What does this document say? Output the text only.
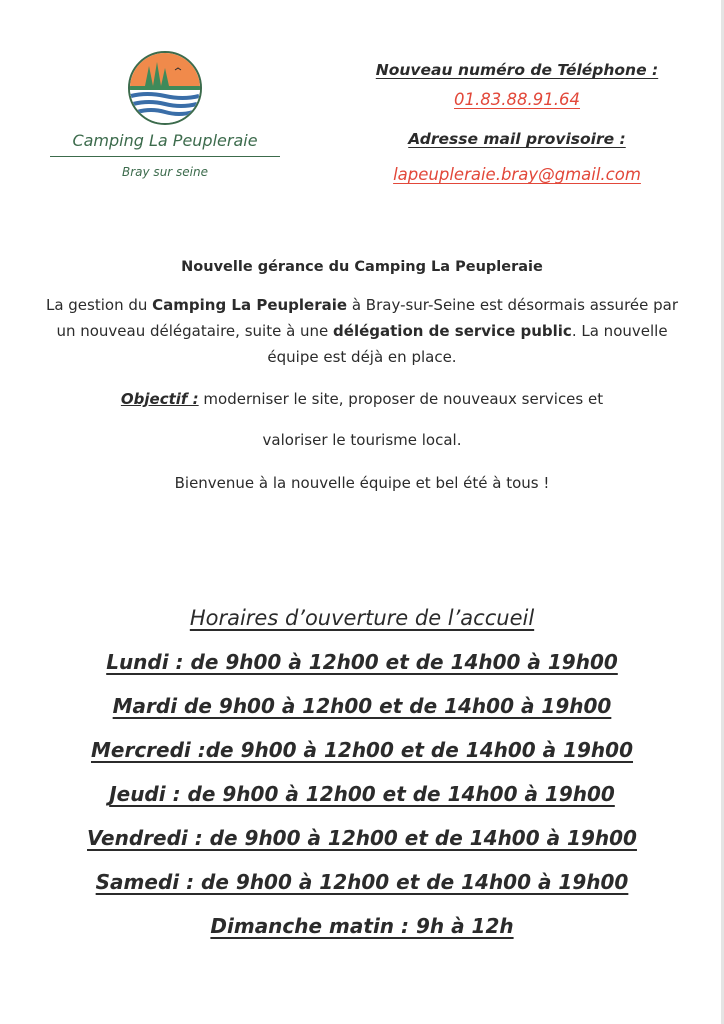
Camping La Peupleraie
Bray sur seine
Nouveau numéro de Téléphone :
01.83.88.91.64
Adresse mail provisoire :
lapeupleraie.bray@gmail.com
Nouvelle gérance du Camping La Peupleraie
La gestion du Camping La Peupleraie à Bray-sur-Seine est désormais assurée par un nouveau délégataire, suite à une délégation de service public. La nouvelle équipe est déjà en place.
Objectif : moderniser le site, proposer de nouveaux services et
valoriser le tourisme local.
Bienvenue à la nouvelle équipe et bel été à tous !
Horaires d’ouverture de l’accueil
Lundi : de 9h00 à 12h00 et de 14h00 à 19h00
Mardi de 9h00 à 12h00 et de 14h00 à 19h00
Mercredi :de 9h00 à 12h00 et de 14h00 à 19h00
Jeudi : de 9h00 à 12h00 et de 14h00 à 19h00
Vendredi : de 9h00 à 12h00 et de 14h00 à 19h00
Samedi : de 9h00 à 12h00 et de 14h00 à 19h00
Dimanche matin : 9h à 12h
